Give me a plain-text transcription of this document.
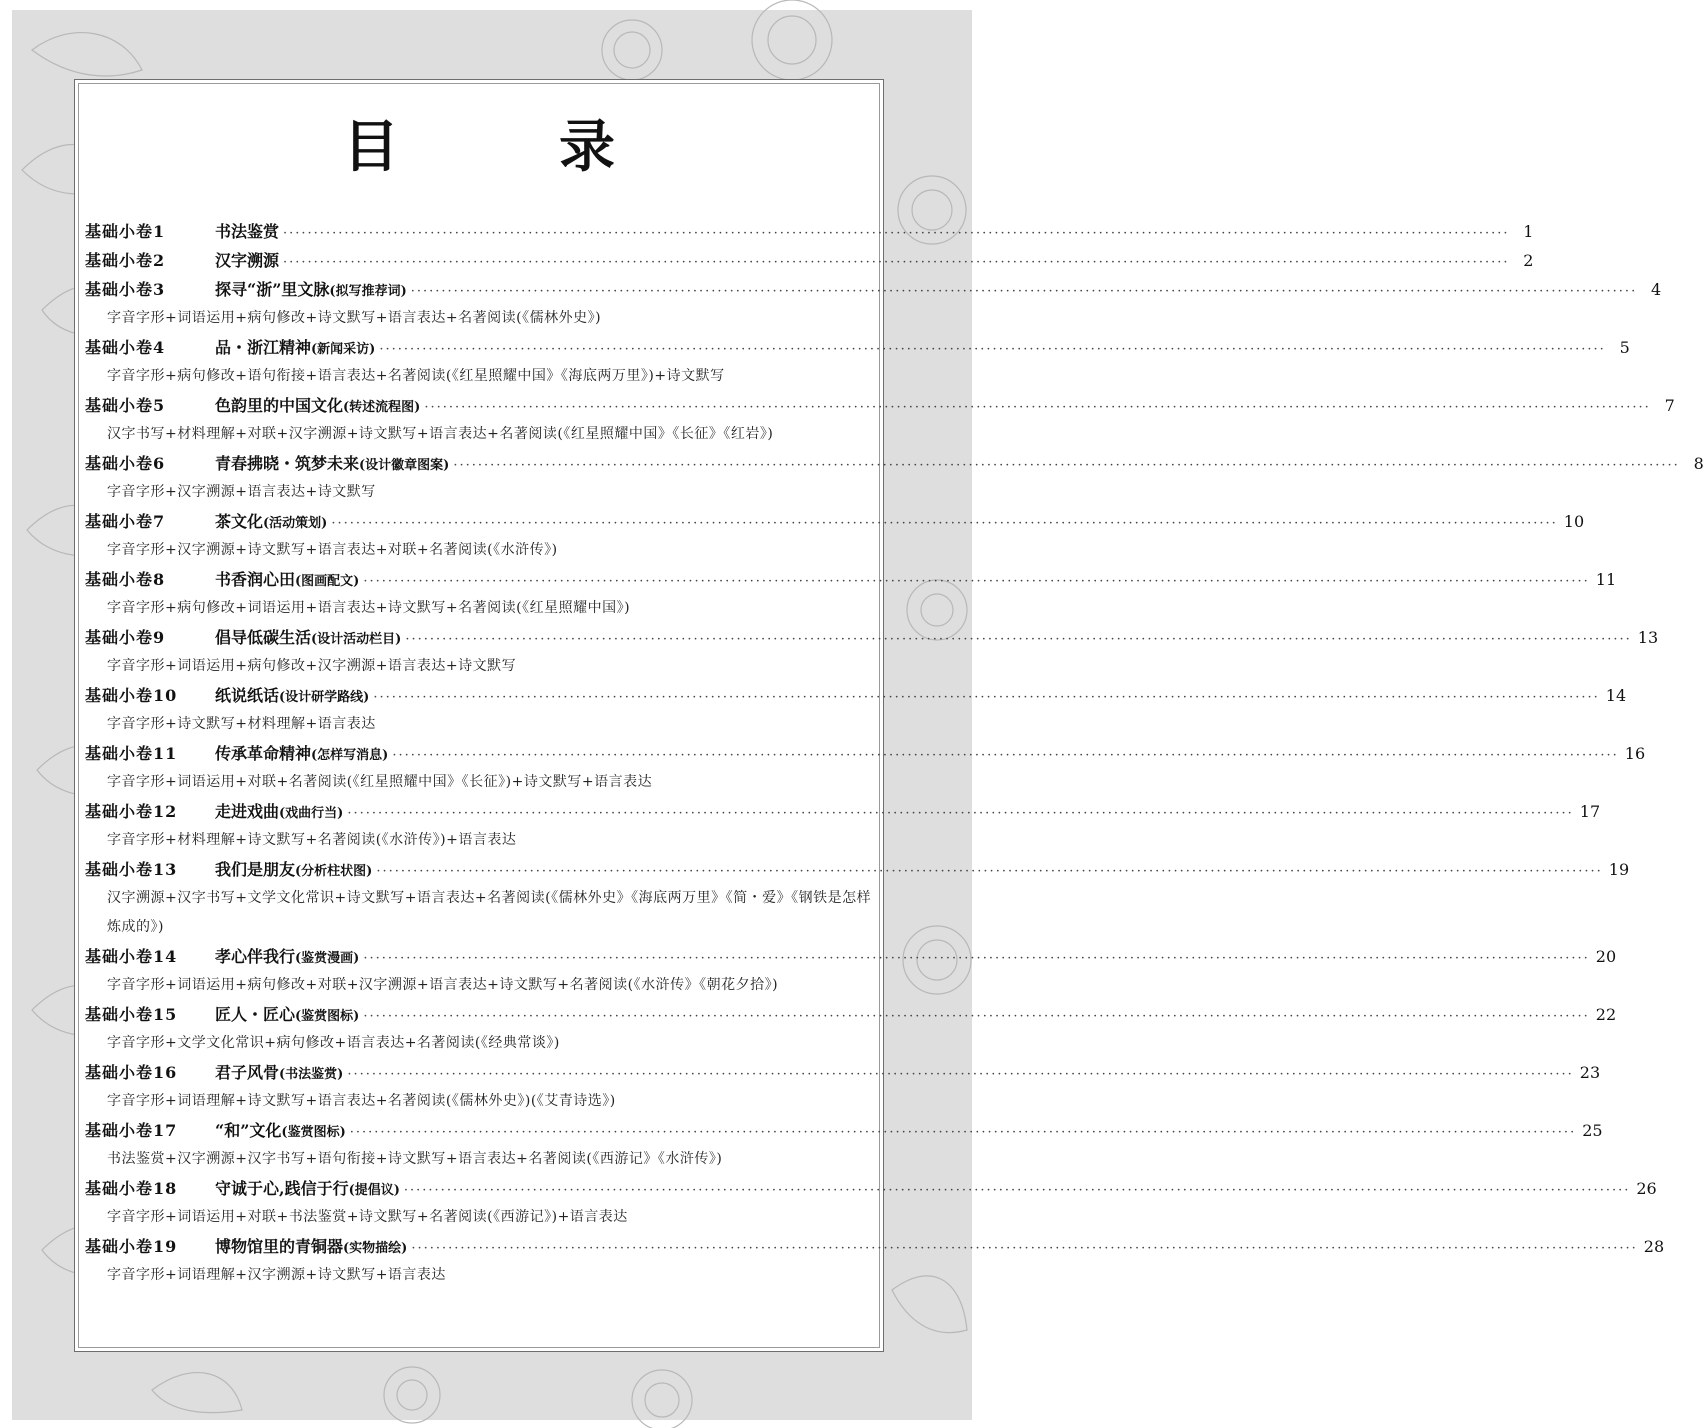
目　录
基础小卷1	书法鉴赏 ········································································································································································································ 1
基础小卷2	汉字溯源 ········································································································································································································ 2
基础小卷3	探寻“浙”里文脉 (拟写推荐词) ········································································································································································································ 4
字音字形+词语运用+病句修改+诗文默写+语言表达+名著阅读(《儒林外史》)
基础小卷4	品・浙江精神 (新闻采访) ········································································································································································································ 5
字音字形+病句修改+语句衔接+语言表达+名著阅读(《红星照耀中国》《海底两万里》)+诗文默写
基础小卷5	色韵里的中国文化 (转述流程图) ········································································································································································································ 7
汉字书写+材料理解+对联+汉字溯源+诗文默写+语言表达+名著阅读(《红星照耀中国》《长征》《红岩》)
基础小卷6	青春拂晓・筑梦未来 (设计徽章图案) ········································································································································································································ 8
字音字形+汉字溯源+语言表达+诗文默写
基础小卷7	茶文化 (活动策划) ········································································································································································································ 10
字音字形+汉字溯源+诗文默写+语言表达+对联+名著阅读(《水浒传》)
基础小卷8	书香润心田 (图画配文) ········································································································································································································ 11
字音字形+病句修改+词语运用+语言表达+诗文默写+名著阅读(《红星照耀中国》)
基础小卷9	倡导低碳生活 (设计活动栏目) ········································································································································································································ 13
字音字形+词语运用+病句修改+汉字溯源+语言表达+诗文默写
基础小卷10	纸说纸话 (设计研学路线) ········································································································································································································ 14
字音字形+诗文默写+材料理解+语言表达
基础小卷11	传承革命精神 (怎样写消息) ········································································································································································································ 16
字音字形+词语运用+对联+名著阅读(《红星照耀中国》《长征》)+诗文默写+语言表达
基础小卷12	走进戏曲 (戏曲行当) ········································································································································································································ 17
字音字形+材料理解+诗文默写+名著阅读(《水浒传》)+语言表达
基础小卷13	我们是朋友 (分析柱状图) ········································································································································································································ 19
汉字溯源+汉字书写+文学文化常识+诗文默写+语言表达+名著阅读(《儒林外史》《海底两万里》《简・爱》《钢铁是怎样炼成的》)
基础小卷14	孝心伴我行 (鉴赏漫画) ········································································································································································································ 20
字音字形+词语运用+病句修改+对联+汉字溯源+语言表达+诗文默写+名著阅读(《水浒传》《朝花夕拾》)
基础小卷15	匠人・匠心 (鉴赏图标) ········································································································································································································ 22
字音字形+文学文化常识+病句修改+语言表达+名著阅读(《经典常谈》)
基础小卷16	君子风骨 (书法鉴赏) ········································································································································································································ 23
字音字形+词语理解+诗文默写+语言表达+名著阅读(《儒林外史》)(《艾青诗选》)
基础小卷17	“和”文化 (鉴赏图标) ········································································································································································································ 25
书法鉴赏+汉字溯源+汉字书写+语句衔接+诗文默写+语言表达+名著阅读(《西游记》《水浒传》)
基础小卷18	守诚于心,践信于行 (提倡议) ········································································································································································································ 26
字音字形+词语运用+对联+书法鉴赏+诗文默写+名著阅读(《西游记》)+语言表达
基础小卷19	博物馆里的青铜器 (实物描绘) ········································································································································································································ 28
字音字形+词语理解+汉字溯源+诗文默写+语言表达
